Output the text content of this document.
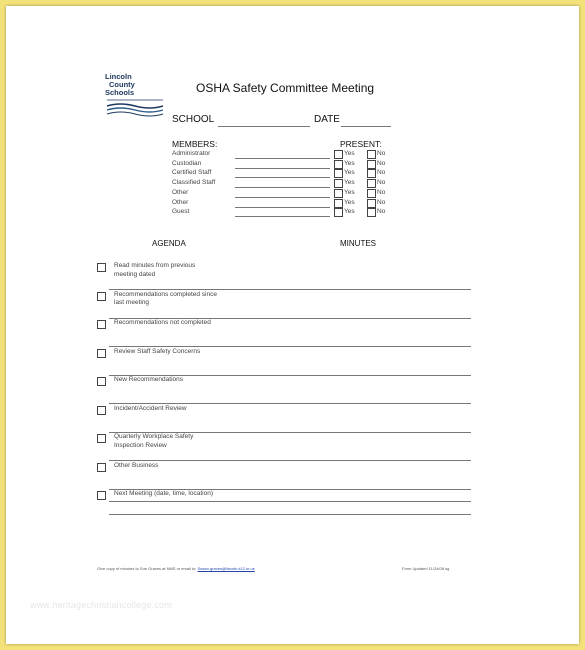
Lincoln
County
Schools	OSHA Safety Committee Meeting
SCHOOL	DATE
MEMBERS:	PRESENT:
Administrator	Yes	No
Custodian	Yes	No
Certified Staff	Yes	No
Classified Staff	Yes	No
Other	Yes	No
Other	Yes	No
Guest	Yes	No
AGENDA	MINUTES
Read minutes from previous
meeting dated
Recommendations completed since
last meeting
Recommendations not completed
Review Staff Safety Concerns
New Recommendations
Incident/Accident Review
Quarterly Workplace Safety
Inspection Review
Other Business
Next Meeting (date, time, location)
Give copy of minutes to Sue Graves at NMS or email to: Susan.graves@lincoln.k12.or.us	Form Updated 11/24/08 sg
www.heritagechristiancollege.com
